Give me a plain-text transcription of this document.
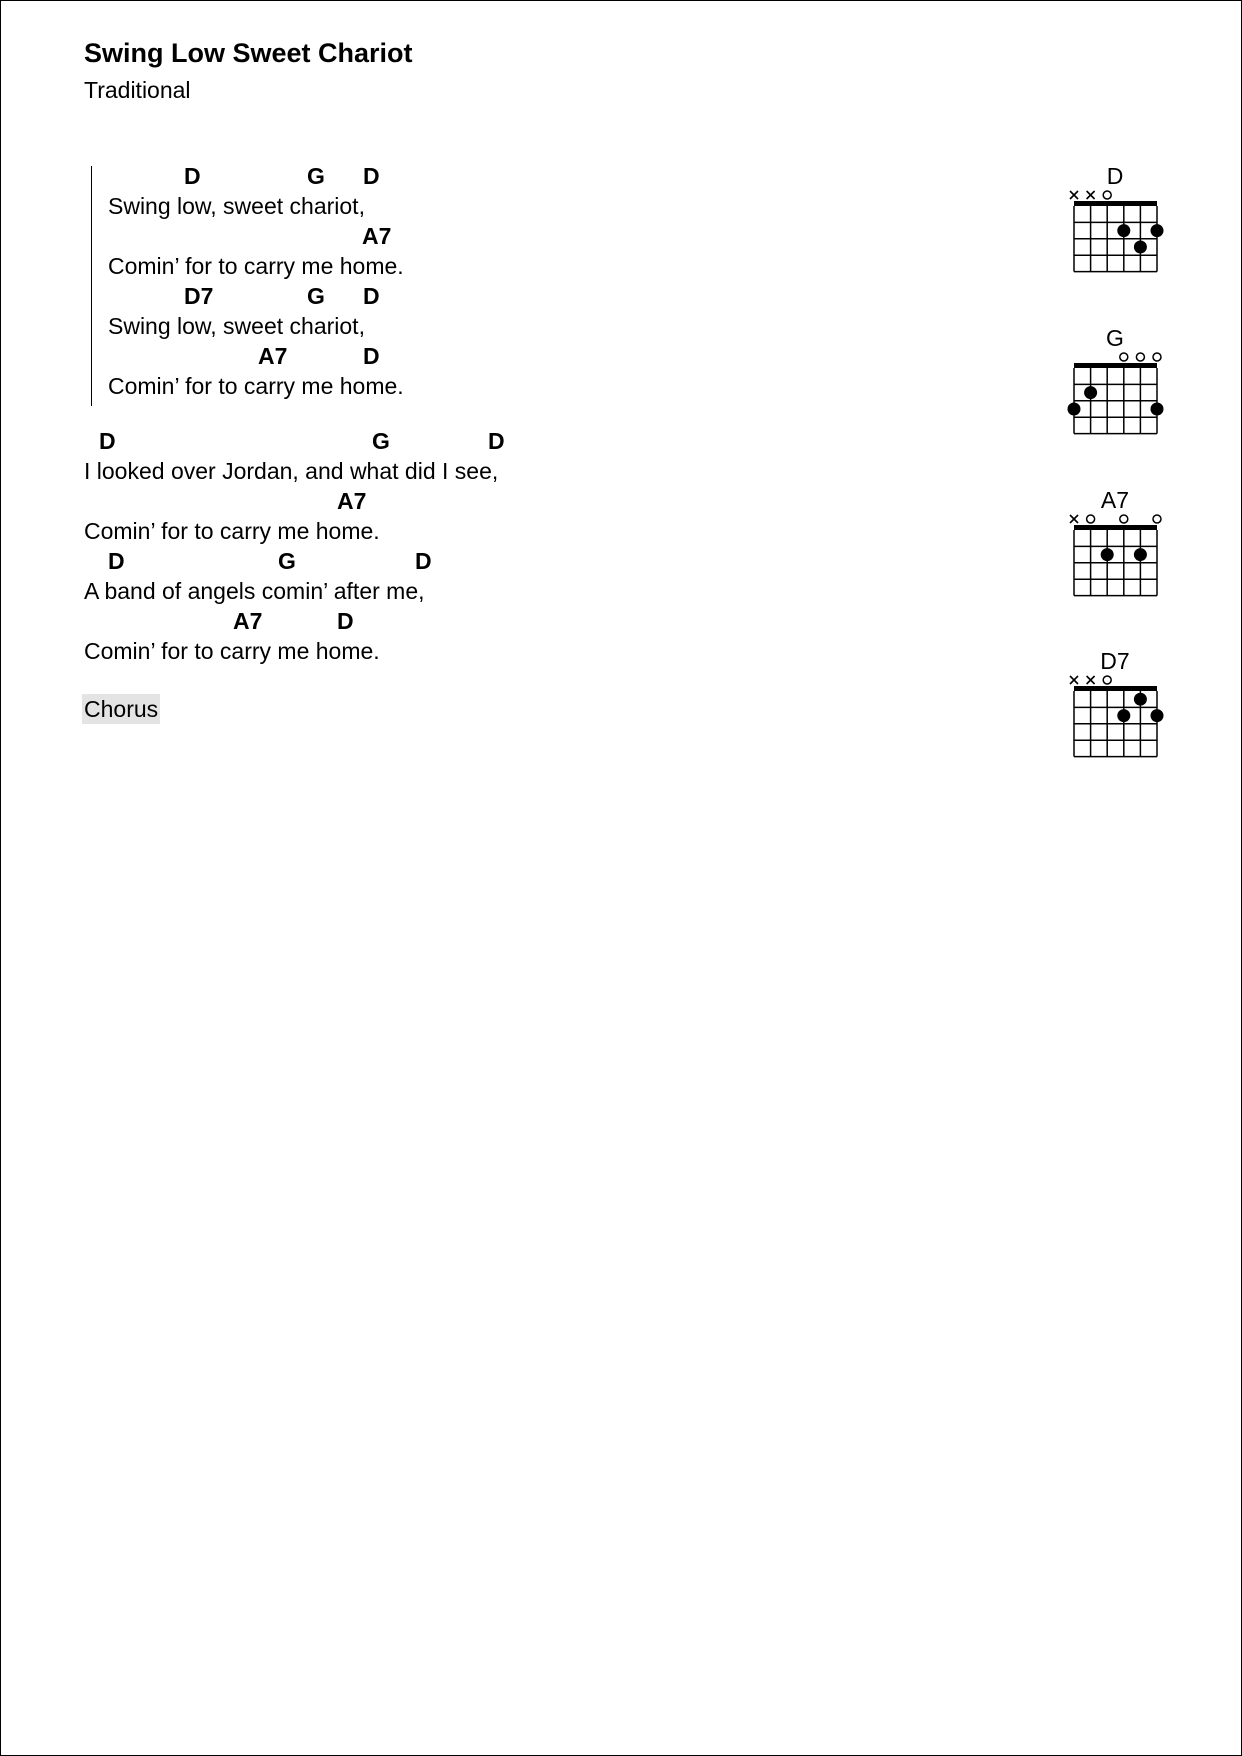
Swing Low Sweet Chariot
Traditional
D	G D
Swing low, sweet chariot,
A7
Comin’ for to carry me home.
D7	G D
Swing low, sweet chariot,
A7	D
Comin’ for to carry me home.
D	G	D
I looked over Jordan, and what did I see,
A7
Comin’ for to carry me home.
D	G	D
A band of angels comin’ after me,
A7	D
Comin’ for to carry me home.
Chorus
D
G
A7
D7
